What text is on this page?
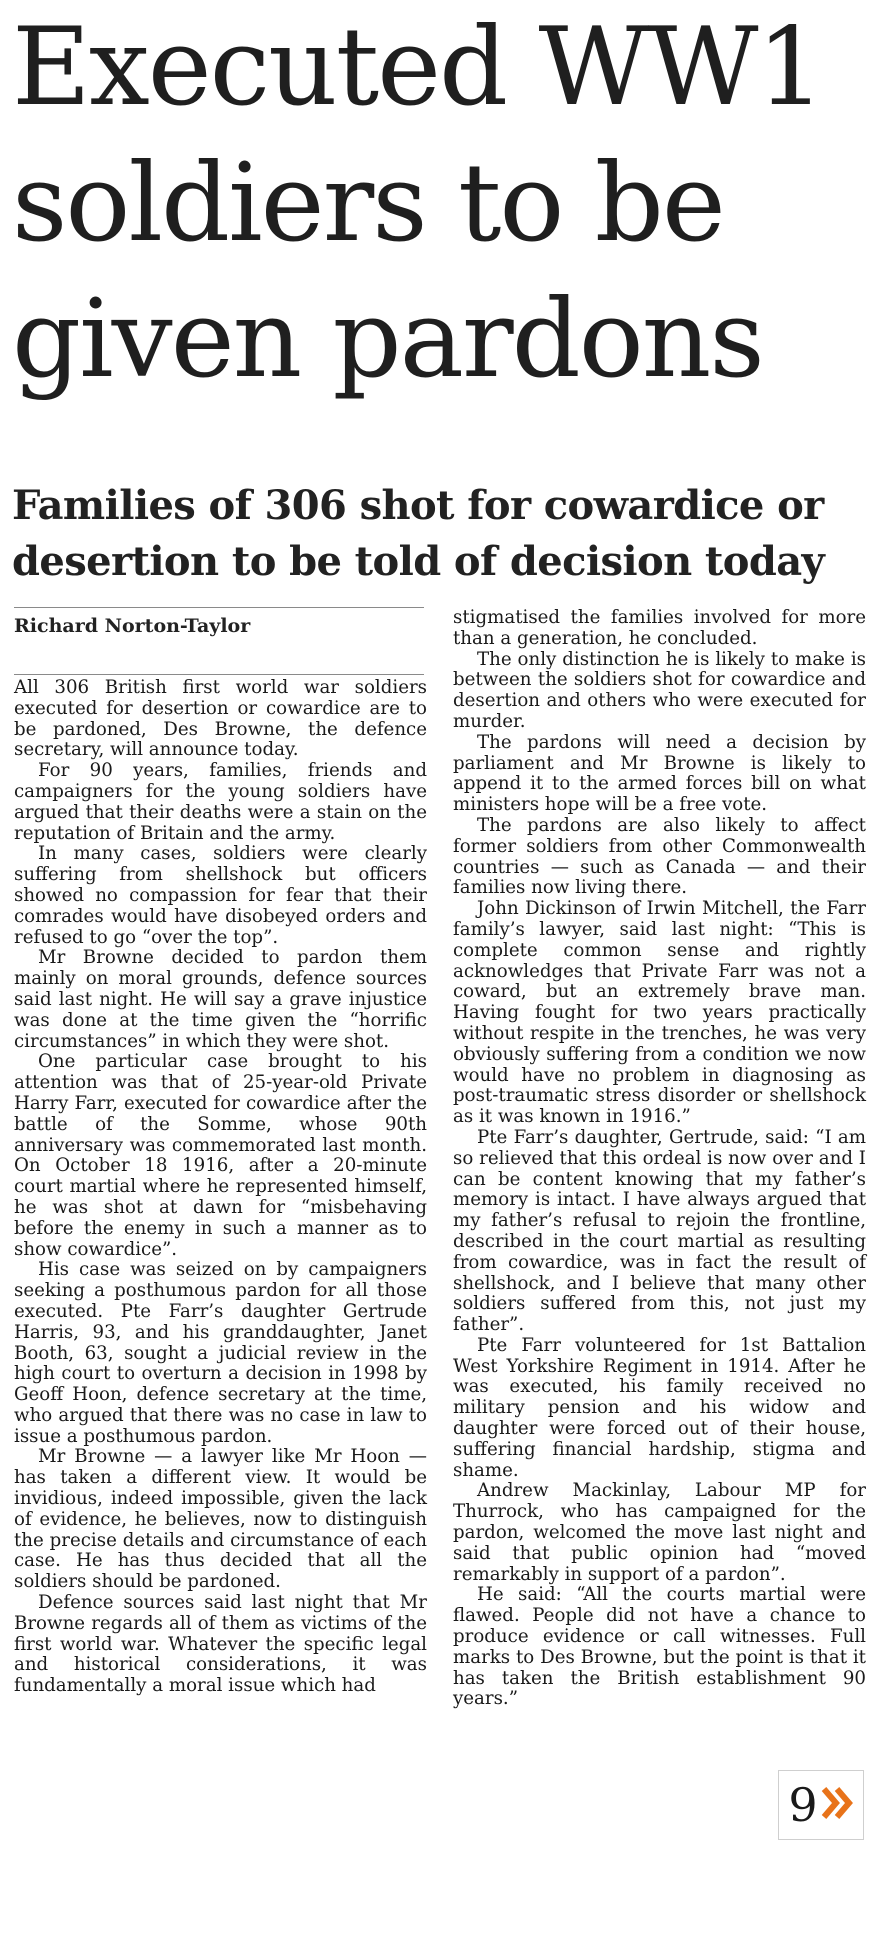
Executed WW1
soldiers to be
given pardons
Families of 306 shot for cowardice or
desertion to be told of decision today

Richard Norton-Taylor

All 306 British first world war soldiers executed for desertion or cowardice are to be pardoned, Des Browne, the defence secretary, will announce today.

For 90 years, families, friends and campaigners for the young soldiers have argued that their deaths were a stain on the reputation of Britain and the army.

In many cases, soldiers were clearly suffering from shellshock but officers showed no compassion for fear that their comrades would have disobeyed orders and refused to go “over the top”.

Mr Browne decided to pardon them mainly on moral grounds, defence sources said last night. He will say a grave injustice was done at the time given the “horrific circumstances” in which they were shot.

One particular case brought to his attention was that of 25-year-old Private Harry Farr, executed for cowardice after the battle of the Somme, whose 90th anniversary was commemorated last month. On October 18 1916, after a 20-minute court martial where he represented himself, he was shot at dawn for “misbehaving before the enemy in such a manner as to show cowardice”.

His case was seized on by campaigners seeking a posthumous pardon for all those executed. Pte Farr’s daughter Gertrude Harris, 93, and his granddaughter, Janet Booth, 63, sought a judicial review in the high court to overturn a decision in 1998 by Geoff Hoon, defence secretary at the time, who argued that there was no case in law to issue a posthumous pardon.

Mr Browne — a lawyer like Mr Hoon — has taken a different view. It would be invidious, indeed impossible, given the lack of evidence, he believes, now to distinguish the precise details and circumstance of each case. He has thus decided that all the soldiers should be pardoned.

Defence sources said last night that Mr Browne regards all of them as victims of the first world war. Whatever the specific legal and historical considerations, it was fundamentally a moral issue which had

stigmatised the families involved for more than a generation, he concluded.

The only distinction he is likely to make is between the soldiers shot for cowardice and desertion and others who were executed for murder.

The pardons will need a decision by parliament and Mr Browne is likely to append it to the armed forces bill on what ministers hope will be a free vote.

The pardons are also likely to affect former soldiers from other Commonwealth countries — such as Canada — and their families now living there.

John Dickinson of Irwin Mitchell, the Farr family’s lawyer, said last night: “This is complete common sense and rightly acknowledges that Private Farr was not a coward, but an extremely brave man. Having fought for two years practically without respite in the trenches, he was very obviously suffering from a condition we now would have no problem in diagnosing as post-traumatic stress disorder or shellshock as it was known in 1916.”

Pte Farr’s daughter, Gertrude, said: “I am so relieved that this ordeal is now over and I can be content knowing that my father’s memory is intact. I have always argued that my father’s refusal to rejoin the frontline, described in the court martial as resulting from cowardice, was in fact the result of shellshock, and I believe that many other soldiers suffered from this, not just my father”.

Pte Farr volunteered for 1st Battalion West Yorkshire Regiment in 1914. After he was executed, his family received no military pension and his widow and daughter were forced out of their house, suffering financial hardship, stigma and shame.

Andrew Mackinlay, Labour MP for Thurrock, who has campaigned for the pardon, welcomed the move last night and said that public opinion had “moved remarkably in support of a pardon”.

He said: “All the courts martial were flawed. People did not have a chance to produce evidence or call witnesses. Full marks to Des Browne, but the point is that it has taken the British establishment 90 years.”

9
